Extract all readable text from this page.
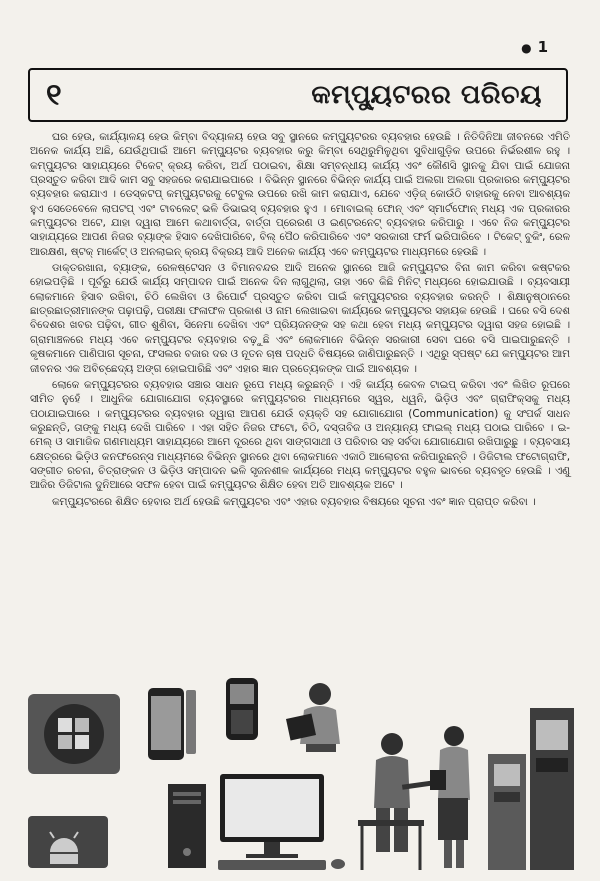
● 1
୧	କମ୍ପ୍ୟୁଟରର ପରିଚୟ

ଘର ହେଉ, କାର୍ଯ୍ୟାଳୟ ହେଉ କିମ୍ବା ବିଦ୍ୟାଳୟ ହେଉ ସବୁ ସ୍ଥାନରେ କମ୍ପ୍ୟୁଟରର ବ୍ୟବହାର ହେଉଛି । ନିତିଦିନିଆ ଜୀବନରେ ଏମିତି ଅନେକ କାର୍ଯ୍ୟ ଅଛି, ଯେଉଁଥିପାଇଁ ଆମେ କମ୍ପ୍ୟୁଟର ବ୍ୟବହାର କରୁ କିମ୍ବା ସେଥିରୁମିଳୁଥିବା ସୁବିଧାଗୁଡ଼ିକ ଉପରେ ନିର୍ଭରଶୀଳ ରହୁ । କମ୍ପ୍ୟୁଟର ସାହାଯ୍ୟରେ ଟିକେଟ୍ କ୍ରୟ କରିବା, ଅର୍ଥ ପଠାଇବା, ଶିକ୍ଷା ସମ୍ବନ୍ଧୀୟ କାର୍ଯ୍ୟ ଏବଂ କୌଣସି ସ୍ଥାନକୁ ଯିବା ପାଇଁ ଯୋଜନା ପ୍ରସ୍ତୁତ କରିବା ଆଦି କାମ ସବୁ ସହଜରେ କରାଯାଇପାରେ । ବିଭିନ୍ନ ସ୍ଥାନରେ ବିଭିନ୍ନ କାର୍ଯ୍ୟ ପାଇଁ ଅଲଗା ଅଲଗା ପ୍ରକାରର କମ୍ପ୍ୟୁଟର ବ୍ୟବହାର କରାଯାଏ । ଡେସ୍କଟପ୍ କମ୍ପ୍ୟୁଟରକୁ ଟେବୁଲ ଉପରେ ରଖି କାମ କରାଯାଏ, ଯେବେ ଏଡ଼ିଜ୍ କୋଉଁଠି ବାହାରକୁ ନେବା ଆବଶ୍ୟକ ହୁଏ ସେତେବେଳେ ଲାପଟପ୍ ଏବଂ ଟାବଲେଟ୍ ଭଳି ଡିଭାଇସ୍ ବ୍ୟବହାର ହୁଏ । ମୋବାଇଲ୍ ଫୋନ୍ ଏବଂ ସ୍ମାର୍ଟଫୋନ୍ ମଧ୍ୟ ଏକ ପ୍ରକାରର କମ୍ପ୍ୟୁଟର ଅଟେ, ଯାହା ଦ୍ୱାରା ଆମେ କଥାବାର୍ତ୍ତା, ବାର୍ତ୍ତା ପ୍ରେରଣ ଓ ଇଣ୍ଟରନେଟ୍ ବ୍ୟବହାର କରିପାରୁ । ଏବେ ନିଜ କମ୍ପ୍ୟୁଟର ସାହାଯ୍ୟରେ ଆପଣ ନିଜର ବ୍ୟାଙ୍କ ହିସାବ ଦେଖିପାରିବେ, ବିଲ୍ ପୈଠ କରିପାରିବେ ଏବଂ ସରକାରୀ ଫର୍ମ ଭରିପାରିବେ । ଟିକେଟ୍ ବୁକିଂ, ରେଳ ଆରକ୍ଷଣ, ଷ୍ଟକ୍ ମାର୍କେଟ୍ ଓ ଅନଲାଇନ୍ କ୍ରୟ ବିକ୍ରୟ ଆଦି ଅନେକ କାର୍ଯ୍ୟ ଏବେ କମ୍ପ୍ୟୁଟର ମାଧ୍ୟମରେ ହେଉଛି ।

ଡାକ୍ତରଖାନା, ବ୍ୟାଙ୍କ, ରେଳଷ୍ଟେସନ ଓ ବିମାନବନ୍ଦର ଆଦି ଅନେକ ସ୍ଥାନରେ ଆଜି କମ୍ପ୍ୟୁଟର ବିନା କାମ କରିବା କଷ୍ଟକର ହୋଇପଡ଼ିଛି । ପୂର୍ବରୁ ଯେଉଁ କାର୍ଯ୍ୟ ସମ୍ପାଦନ ପାଇଁ ଅନେକ ଦିନ ଲାଗୁଥିଲା, ତାହା ଏବେ କିଛି ମିନିଟ୍ ମଧ୍ୟରେ ହୋଇଯାଉଛି । ବ୍ୟବସାୟୀ ଲୋକମାନେ ହିସାବ ରଖିବା, ଚିଠି ଲେଖିବା ଓ ରିପୋର୍ଟ ପ୍ରସ୍ତୁତ କରିବା ପାଇଁ କମ୍ପ୍ୟୁଟରର ବ୍ୟବହାର କରନ୍ତି । ଶିକ୍ଷାନୁଷ୍ଠାନରେ ଛାତ୍ରଛାତ୍ରୀମାନଙ୍କ ପଢ଼ାପଢ଼ି, ପରୀକ୍ଷା ଫଳାଫଳ ପ୍ରକାଶ ଓ ନାମ ଲେଖାଇବା କାର୍ଯ୍ୟରେ କମ୍ପ୍ୟୁଟର ସହାୟକ ହେଉଛି । ଘରେ ବସି ଦେଶ ବିଦେଶର ଖବର ପଢ଼ିବା, ଗୀତ ଶୁଣିବା, ସିନେମା ଦେଖିବା ଏବଂ ପ୍ରିୟଜନଙ୍କ ସହ କଥା ହେବା ମଧ୍ୟ କମ୍ପ୍ୟୁଟର ଦ୍ୱାରା ସହଜ ହୋଇଛି । ଗ୍ରାମାଞ୍ଚଳରେ ମଧ୍ୟ ଏବେ କମ୍ପ୍ୟୁଟର ବ୍ୟବହାର ବଢ଼ୁଛି ଏବଂ ଲୋକମାନେ ବିଭିନ୍ନ ସରକାରୀ ସେବା ଘରେ ବସି ପାଇପାରୁଛନ୍ତି । କୃଷକମାନେ ପାଣିପାଗ ସୂଚନା, ଫସଲର ବଜାର ଦର ଓ ନୂତନ ଚାଷ ପଦ୍ଧତି ବିଷୟରେ ଜାଣିପାରୁଛନ୍ତି । ଏଥିରୁ ସ୍ପଷ୍ଟ ଯେ କମ୍ପ୍ୟୁଟର ଆମ ଜୀବନର ଏକ ଅବିଚ୍ଛେଦ୍ୟ ଅଙ୍ଗ ହୋଇପାରିଛି ଏବଂ ଏହାର ଜ୍ଞାନ ପ୍ରତ୍ୟେକଙ୍କ ପାଇଁ ଆବଶ୍ୟକ ।

ଲୋକେ କମ୍ପ୍ୟୁଟରର ବ୍ୟବହାର ସଞ୍ଚାର ସାଧନ ରୂପେ ମଧ୍ୟ କରୁଛନ୍ତି । ଏହି କାର୍ଯ୍ୟ କେବଳ ଟାଇପ୍ କରିବା ଏବଂ ଲିଖିତ ରୂପରେ ସୀମିତ ନୁହେଁ । ଆଧୁନିକ ଯୋଗାଯୋଗ ବ୍ୟବସ୍ଥାରେ କମ୍ପ୍ୟୁଟରର ମାଧ୍ୟମରେ ସ୍ୱର, ଧ୍ୱନି, ଭିଡ଼ିଓ ଏବଂ ଗ୍ରାଫିକ୍ସକୁ ମଧ୍ୟ ପଠାଯାଇପାରେ । କମ୍ପ୍ୟୁଟରର ବ୍ୟବହାର ଦ୍ୱାରା ଆପଣ ଯେଉଁ ବ୍ୟକ୍ତି ସହ ଯୋଗାଯୋଗ (Communication) କୁ ସଂପର୍କ ସାଧନ କରୁଛନ୍ତି, ତାଙ୍କୁ ମଧ୍ୟ ଦେଖି ପାରିବେ । ଏହା ସହିତ ନିଜର ଫଟୋ, ଚିଠି, ଦସ୍ତାବିଜ ଓ ଅନ୍ୟାନ୍ୟ ଫାଇଲ୍ ମଧ୍ୟ ପଠାଇ ପାରିବେ । ଇ-ମେଲ୍ ଓ ସାମାଜିକ ଗଣମାଧ୍ୟମ ସାହାଯ୍ୟରେ ଆମେ ଦୂରରେ ଥିବା ସାଙ୍ଗସାଥୀ ଓ ପରିବାର ସହ ସର୍ବଦା ଯୋଗାଯୋଗ ରଖିପାରୁଛୁ । ବ୍ୟବସାୟ କ୍ଷେତ୍ରରେ ଭିଡ଼ିଓ କନଫରେନ୍ସ ମାଧ୍ୟମରେ ବିଭିନ୍ନ ସ୍ଥାନରେ ଥିବା ଲୋକମାନେ ଏକାଠି ଆଲୋଚନା କରିପାରୁଛନ୍ତି । ଡିଜିଟାଲ ଫଟୋଗ୍ରାଫି, ସଙ୍ଗୀତ ରଚନା, ଚିତ୍ରାଙ୍କନ ଓ ଭିଡ଼ିଓ ସମ୍ପାଦନ ଭଳି ସୃଜନଶୀଳ କାର୍ଯ୍ୟରେ ମଧ୍ୟ କମ୍ପ୍ୟୁଟର ବହୁଳ ଭାବରେ ବ୍ୟବହୃତ ହେଉଛି । ଏଣୁ ଆଜିର ଡିଜିଟାଲ ଦୁନିଆରେ ସଫଳ ହେବା ପାଇଁ କମ୍ପ୍ୟୁଟର ଶିକ୍ଷିତ ହେବା ଅତି ଆବଶ୍ୟକ ଅଟେ ।

କମ୍ପ୍ୟୁଟରରେ ଶିକ୍ଷିତ ହେବାର ଅର୍ଥ ହେଉଛି କମ୍ପ୍ୟୁଟର ଏବଂ ଏହାର ବ୍ୟବହାର ବିଷୟରେ ସୂଚନା ଏବଂ ଜ୍ଞାନ ପ୍ରାପ୍ତ କରିବା ।
